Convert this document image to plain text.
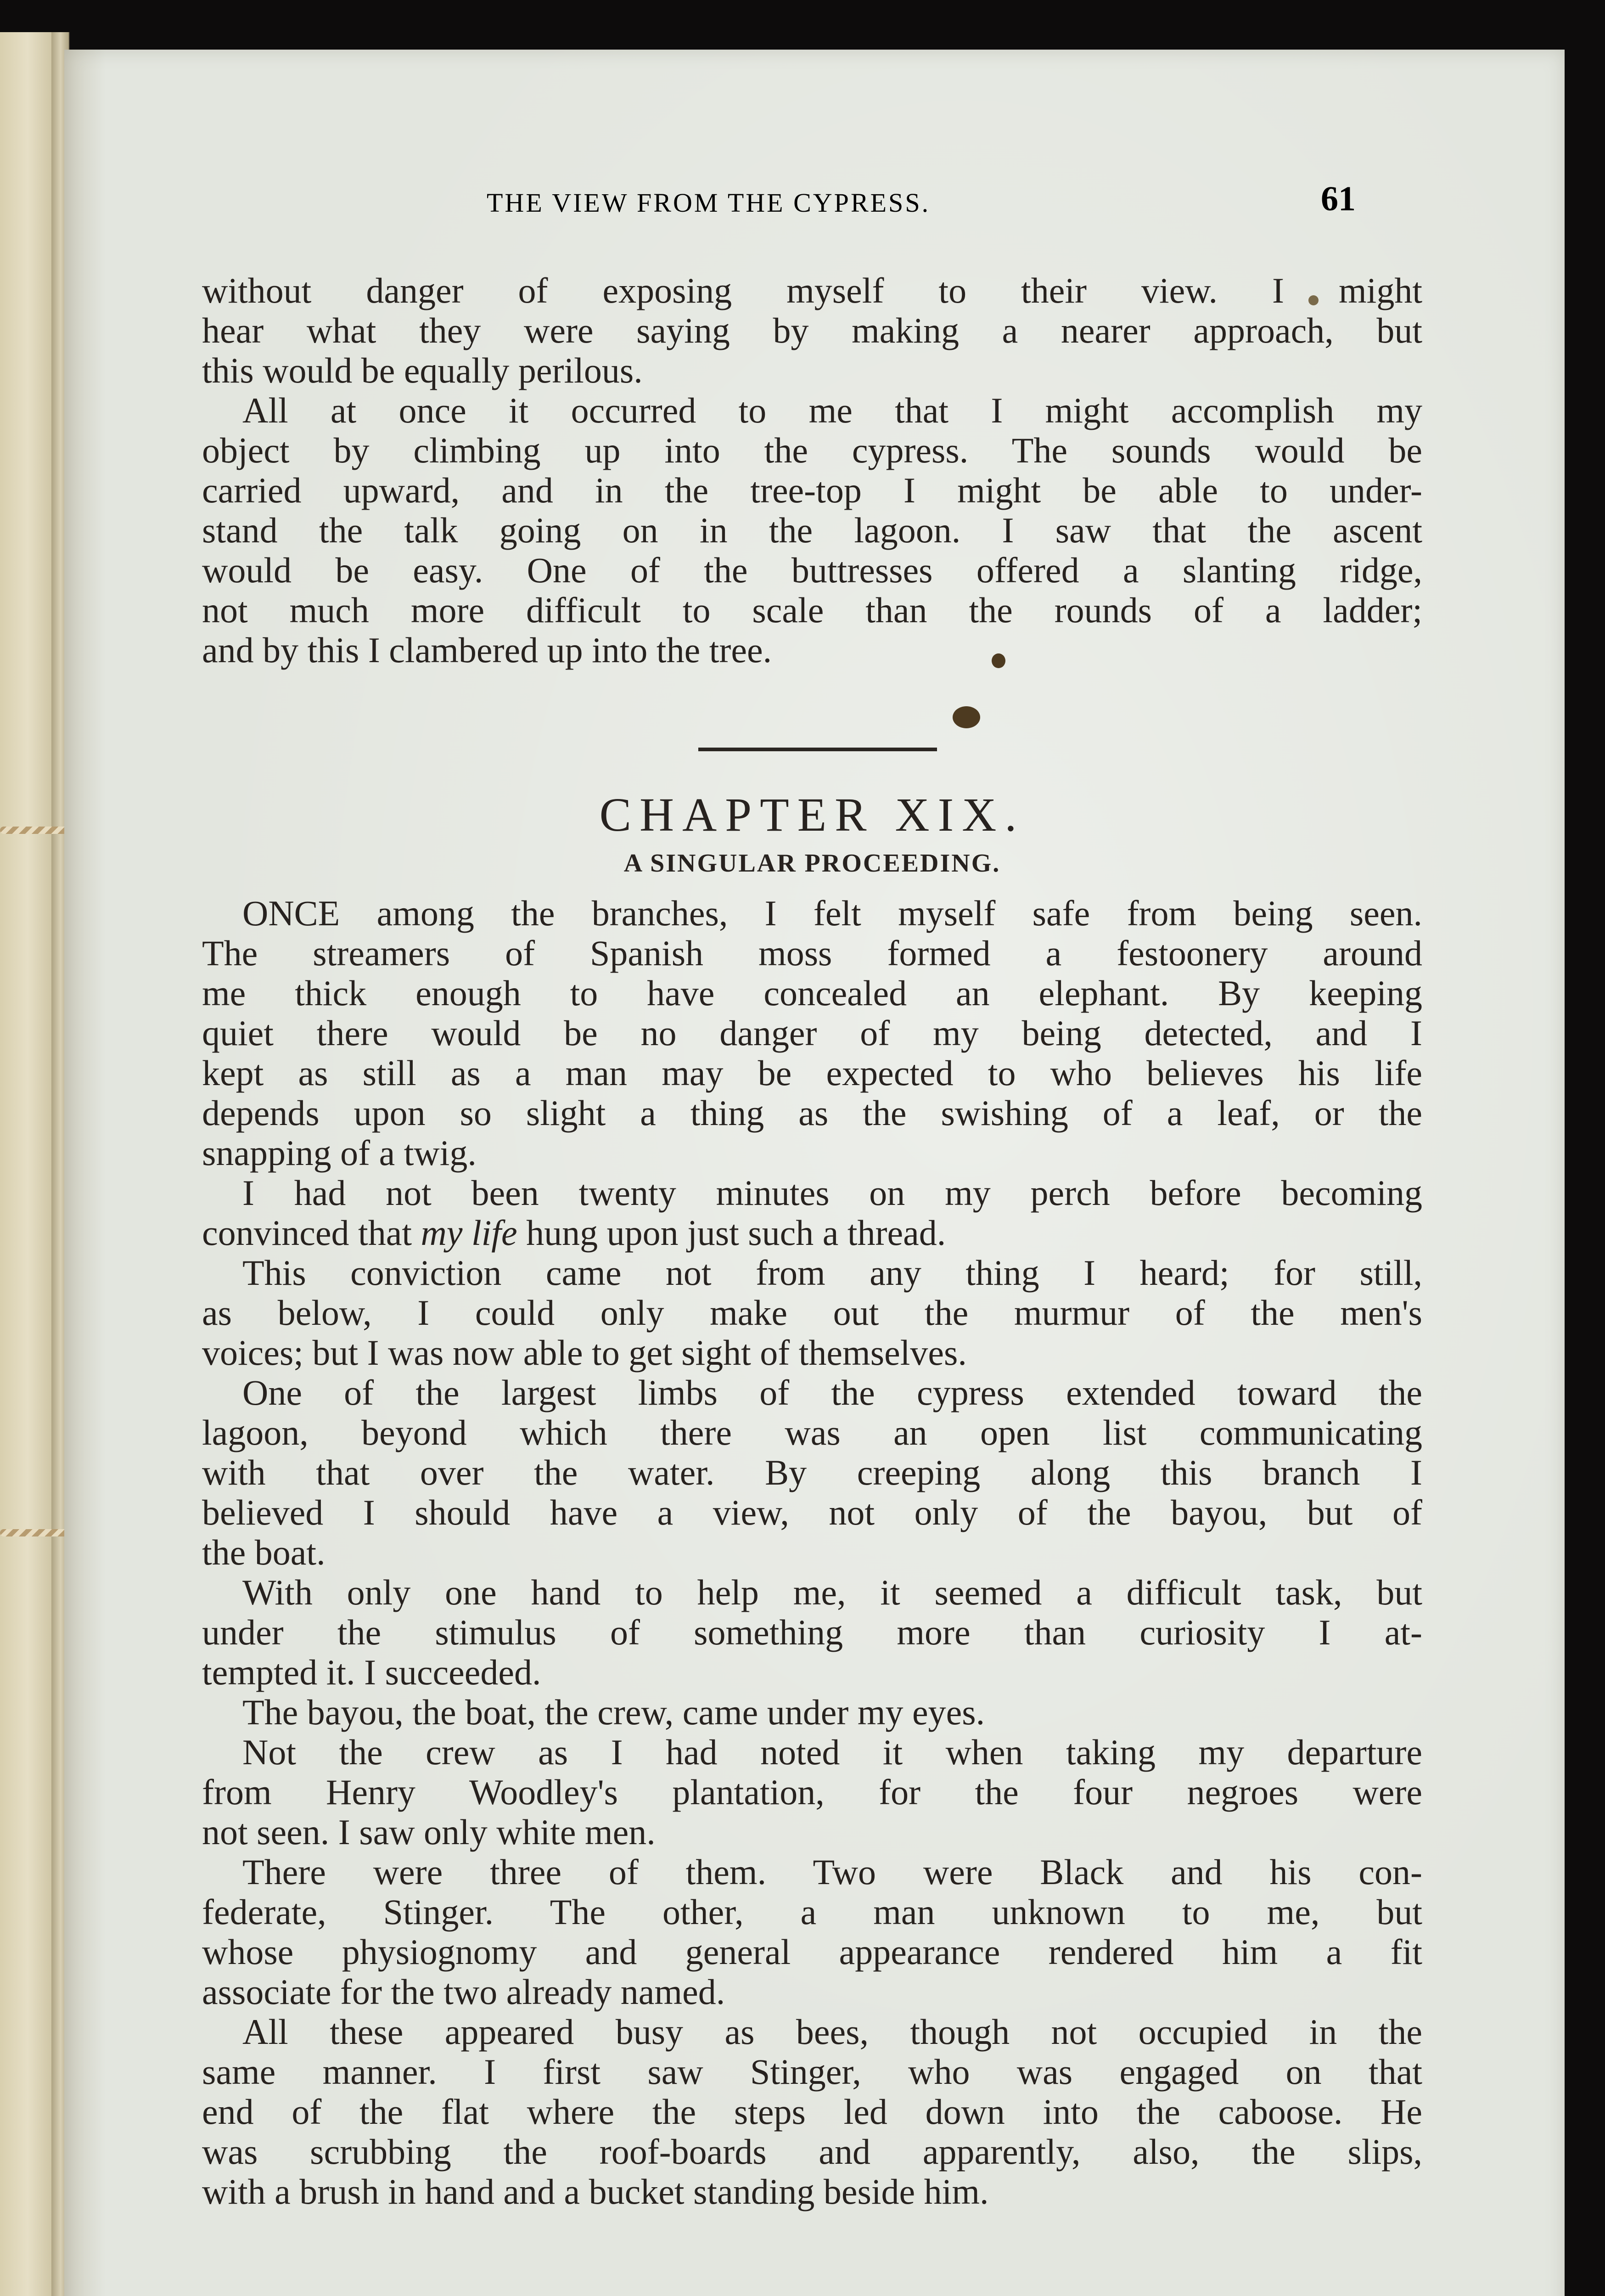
THE VIEW FROM THE CYPRESS.	61
without danger of exposing myself to their view. I might
hear what they were saying by making a nearer approach, but
this would be equally perilous.
All at once it occurred to me that I might accomplish my
object by climbing up into the cypress. The sounds would be
carried upward, and in the tree-top I might be able to under-
stand the talk going on in the lagoon. I saw that the ascent
would be easy. One of the buttresses offered a slanting ridge,
not much more difficult to scale than the rounds of a ladder;
and by this I clambered up into the tree.
CHAPTER XIX.
A SINGULAR PROCEEDING.
ONCE among the branches, I felt myself safe from being seen.
The streamers of Spanish moss formed a festoonery around
me thick enough to have concealed an elephant. By keeping
quiet there would be no danger of my being detected, and I
kept as still as a man may be expected to who believes his life
depends upon so slight a thing as the swishing of a leaf, or the
snapping of a twig.
I had not been twenty minutes on my perch before becoming
convinced that my life hung upon just such a thread.
This conviction came not from any thing I heard; for still,
as below, I could only make out the murmur of the men's
voices; but I was now able to get sight of themselves.
One of the largest limbs of the cypress extended toward the
lagoon, beyond which there was an open list communicating
with that over the water. By creeping along this branch I
believed I should have a view, not only of the bayou, but of
the boat.
With only one hand to help me, it seemed a difficult task, but
under the stimulus of something more than curiosity I at-
tempted it. I succeeded.
The bayou, the boat, the crew, came under my eyes.
Not the crew as I had noted it when taking my departure
from Henry Woodley's plantation, for the four negroes were
not seen. I saw only white men.
There were three of them. Two were Black and his con-
federate, Stinger. The other, a man unknown to me, but
whose physiognomy and general appearance rendered him a fit
associate for the two already named.
All these appeared busy as bees, though not occupied in the
same manner. I first saw Stinger, who was engaged on that
end of the flat where the steps led down into the caboose. He
was scrubbing the roof-boards and apparently, also, the slips,
with a brush in hand and a bucket standing beside him.
